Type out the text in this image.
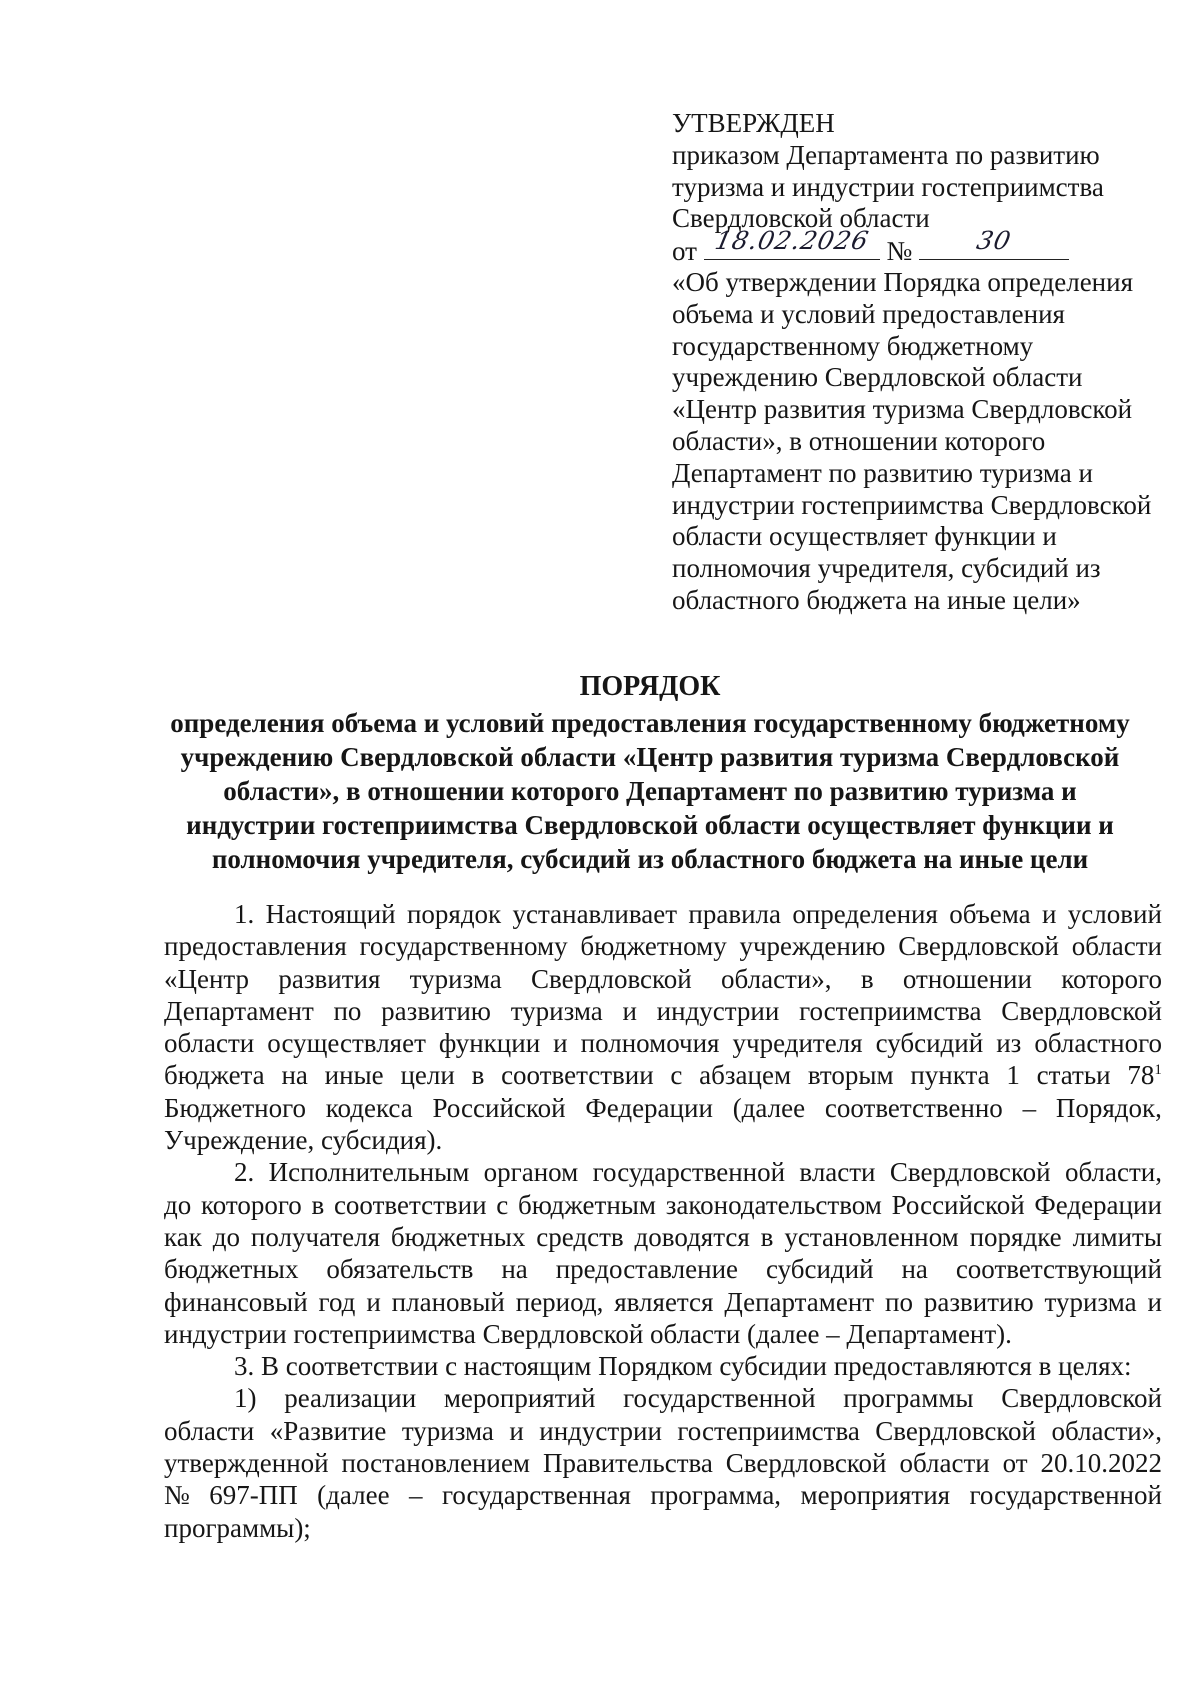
УТВЕРЖДЕН
приказом Департамента по развитию
туризма и индустрии гостеприимства
Свердловской области
от 18.02.2026 №	30
«Об утверждении Порядка определения
объема и условий предоставления
государственному бюджетному
учреждению Свердловской области
«Центр развития туризма Свердловской
области», в отношении которого
Департамент по развитию туризма и
индустрии гостеприимства Свердловской
области осуществляет функции и
полномочия учредителя, субсидий из
областного бюджета на иные цели»
ПОРЯДОК
определения объема и условий предоставления государственному бюджетному
учреждению Свердловской области «Центр развития туризма Свердловской
области», в отношении которого Департамент по развитию туризма и
индустрии гостеприимства Свердловской области осуществляет функции и
полномочия учредителя, субсидий из областного бюджета на иные цели
1. Настоящий порядок устанавливает правила определения объема и условий
предоставления государственному бюджетному учреждению Свердловской области
«Центр развития туризма Свердловской области», в отношении которого
Департамент по развитию туризма и индустрии гостеприимства Свердловской
области осуществляет функции и полномочия учредителя субсидий из областного
бюджета на иные цели в соответствии с абзацем вторым пункта 1 статьи $78^1$
Бюджетного кодекса Российской Федерации (далее соответственно – Порядок,
Учреждение, субсидия).
2. Исполнительным органом государственной власти Свердловской области,
до которого в соответствии с бюджетным законодательством Российской Федерации
как до получателя бюджетных средств доводятся в установленном порядке лимиты
бюджетных обязательств на предоставление субсидий на соответствующий
финансовый год и плановый период, является Департамент по развитию туризма и
индустрии гостеприимства Свердловской области (далее – Департамент).
3. В соответствии с настоящим Порядком субсидии предоставляются в целях:
1) реализации мероприятий государственной программы Свердловской
области «Развитие туризма и индустрии гостеприимства Свердловской области»,
утвержденной постановлением Правительства Свердловской области от 20.10.2022
№ 697-ПП (далее – государственная программа, мероприятия государственной
программы);
